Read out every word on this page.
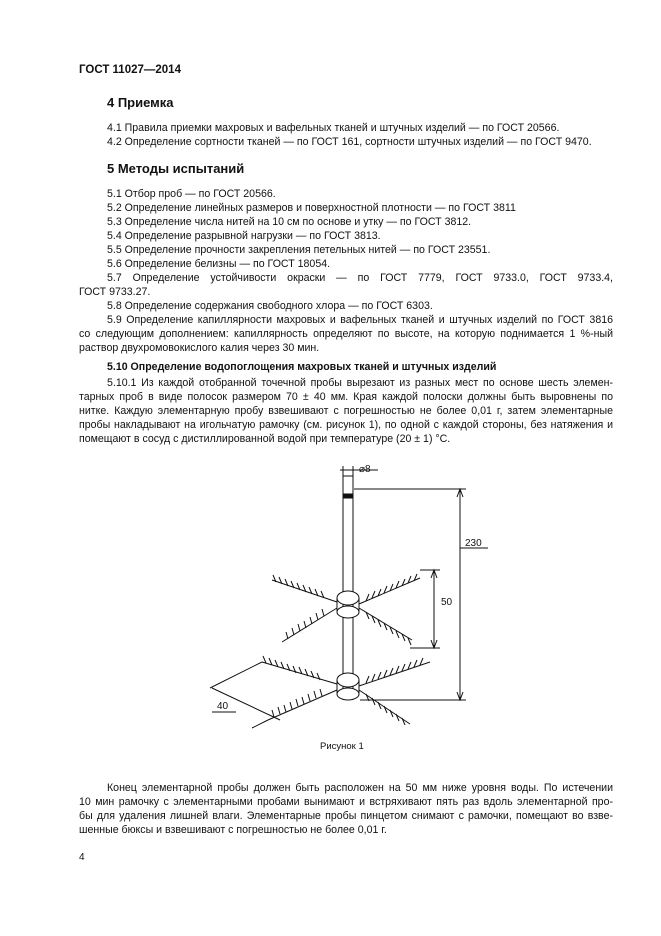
ГОСТ 11027—2014
4 Приемка
4.1 Правила приемки махровых и вафельных тканей и штучных изделий — по ГОСТ 20566.
4.2 Определение сортности тканей — по ГОСТ 161, сортности штучных изделий — по ГОСТ 9470.
5 Методы испытаний
5.1 Отбор проб — по ГОСТ 20566.
5.2 Определение линейных размеров и поверхностной плотности — по ГОСТ 3811
5.3 Определение числа нитей на 10 см по основе и утку — по ГОСТ 3812.
5.4 Определение разрывной нагрузки — по ГОСТ 3813.
5.5 Определение прочности закрепления петельных нитей — по ГОСТ 23551.
5.6 Определение белизны — по ГОСТ 18054.
5.7 Определение устойчивости окраски — по ГОСТ 7779, ГОСТ 9733.0, ГОСТ 9733.4,
ГОСТ 9733.27.
5.8 Определение содержания свободного хлора — по ГОСТ 6303.
5.9 Определение капиллярности махровых и вафельных тканей и штучных изделий по ГОСТ 3816
со следующим дополнением: капиллярность определяют по высоте, на которую поднимается 1 %-ный
раствор двухромовокислого калия через 30 мин.
5.10 Определение водопоглощения махровых тканей и штучных изделий
5.10.1 Из каждой отобранной точечной пробы вырезают из разных мест по основе шесть элемен-
тарных проб в виде полосок размером 70 ± 40 мм. Края каждой полоски должны быть выровнены по
нитке. Каждую элементарную пробу взвешивают с погрешностью не более 0,01 г, затем элементарные
пробы накладывают на игольчатую рамочку (см. рисунок 1), по одной с каждой стороны, без натяжения и
помещают в сосуд с дистиллированной водой при температуре (20 ± 1) °С.
⌀8
230
50
40
Рисунок 1
Конец элементарной пробы должен быть расположен на 50 мм ниже уровня воды. По истечении
10 мин рамочку с элементарными пробами вынимают и встряхивают пять раз вдоль элементарной про-
бы для удаления лишней влаги. Элементарные пробы пинцетом снимают с рамочки, помещают во взве-
шенные бюксы и взвешивают с погрешностью не более 0,01 г.
4
